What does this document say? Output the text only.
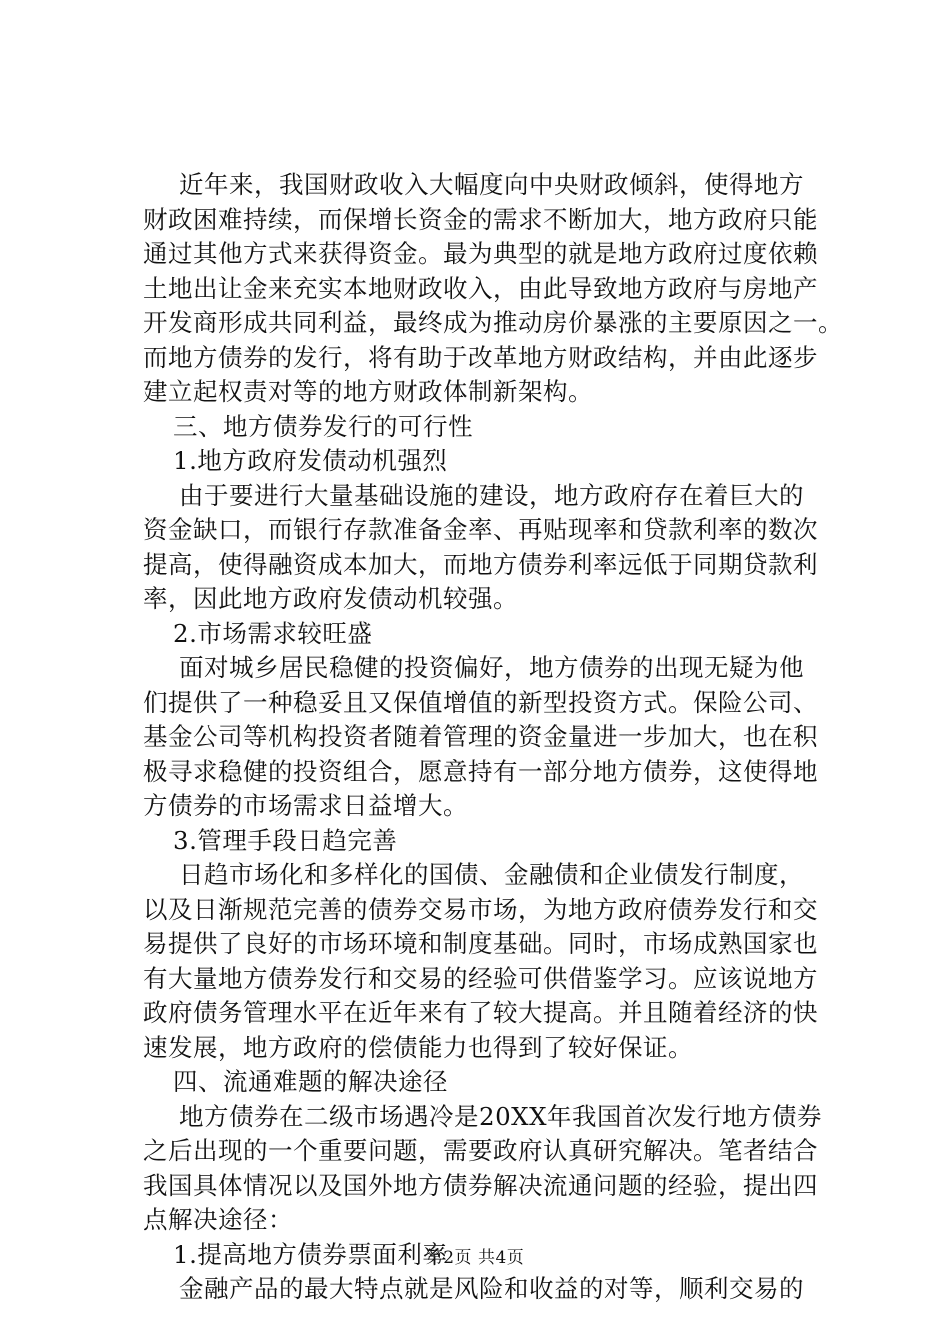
近年来，我国财政收入大幅度向中央财政倾斜，使得地方
财政困难持续，而保增长资金的需求不断加大，地方政府只能
通过其他方式来获得资金。最为典型的就是地方政府过度依赖
土地出让金来充实本地财政收入，由此导致地方政府与房地产
开发商形成共同利益，最终成为推动房价暴涨的主要原因之一。
而地方债券的发行，将有助于改革地方财政结构，并由此逐步
建立起权责对等的地方财政体制新架构。
三、地方债券发行的可行性
1.地方政府发债动机强烈
由于要进行大量基础设施的建设，地方政府存在着巨大的
资金缺口，而银行存款准备金率、再贴现率和贷款利率的数次
提高，使得融资成本加大，而地方债券利率远低于同期贷款利
率，因此地方政府发债动机较强。
2.市场需求较旺盛
面对城乡居民稳健的投资偏好，地方债券的出现无疑为他
们提供了一种稳妥且又保值增值的新型投资方式。保险公司、
基金公司等机构投资者随着管理的资金量进一步加大，也在积
极寻求稳健的投资组合，愿意持有一部分地方债券，这使得地
方债券的市场需求日益增大。
3.管理手段日趋完善
日趋市场化和多样化的国债、金融债和企业债发行制度，
以及日渐规范完善的债券交易市场，为地方政府债券发行和交
易提供了良好的市场环境和制度基础。同时，市场成熟国家也
有大量地方债券发行和交易的经验可供借鉴学习。应该说地方
政府债务管理水平在近年来有了较大提高。并且随着经济的快
速发展，地方政府的偿债能力也得到了较好保证。
四、流通难题的解决途径
地方债券在二级市场遇冷是20XX年我国首次发行地方债券
之后出现的一个重要问题，需要政府认真研究解决。笔者结合
我国具体情况以及国外地方债券解决流通问题的经验，提出四
点解决途径：
1.提高地方债券票面利率
金融产品的最大特点就是风险和收益的对等，顺利交易的
第2页 共4页
